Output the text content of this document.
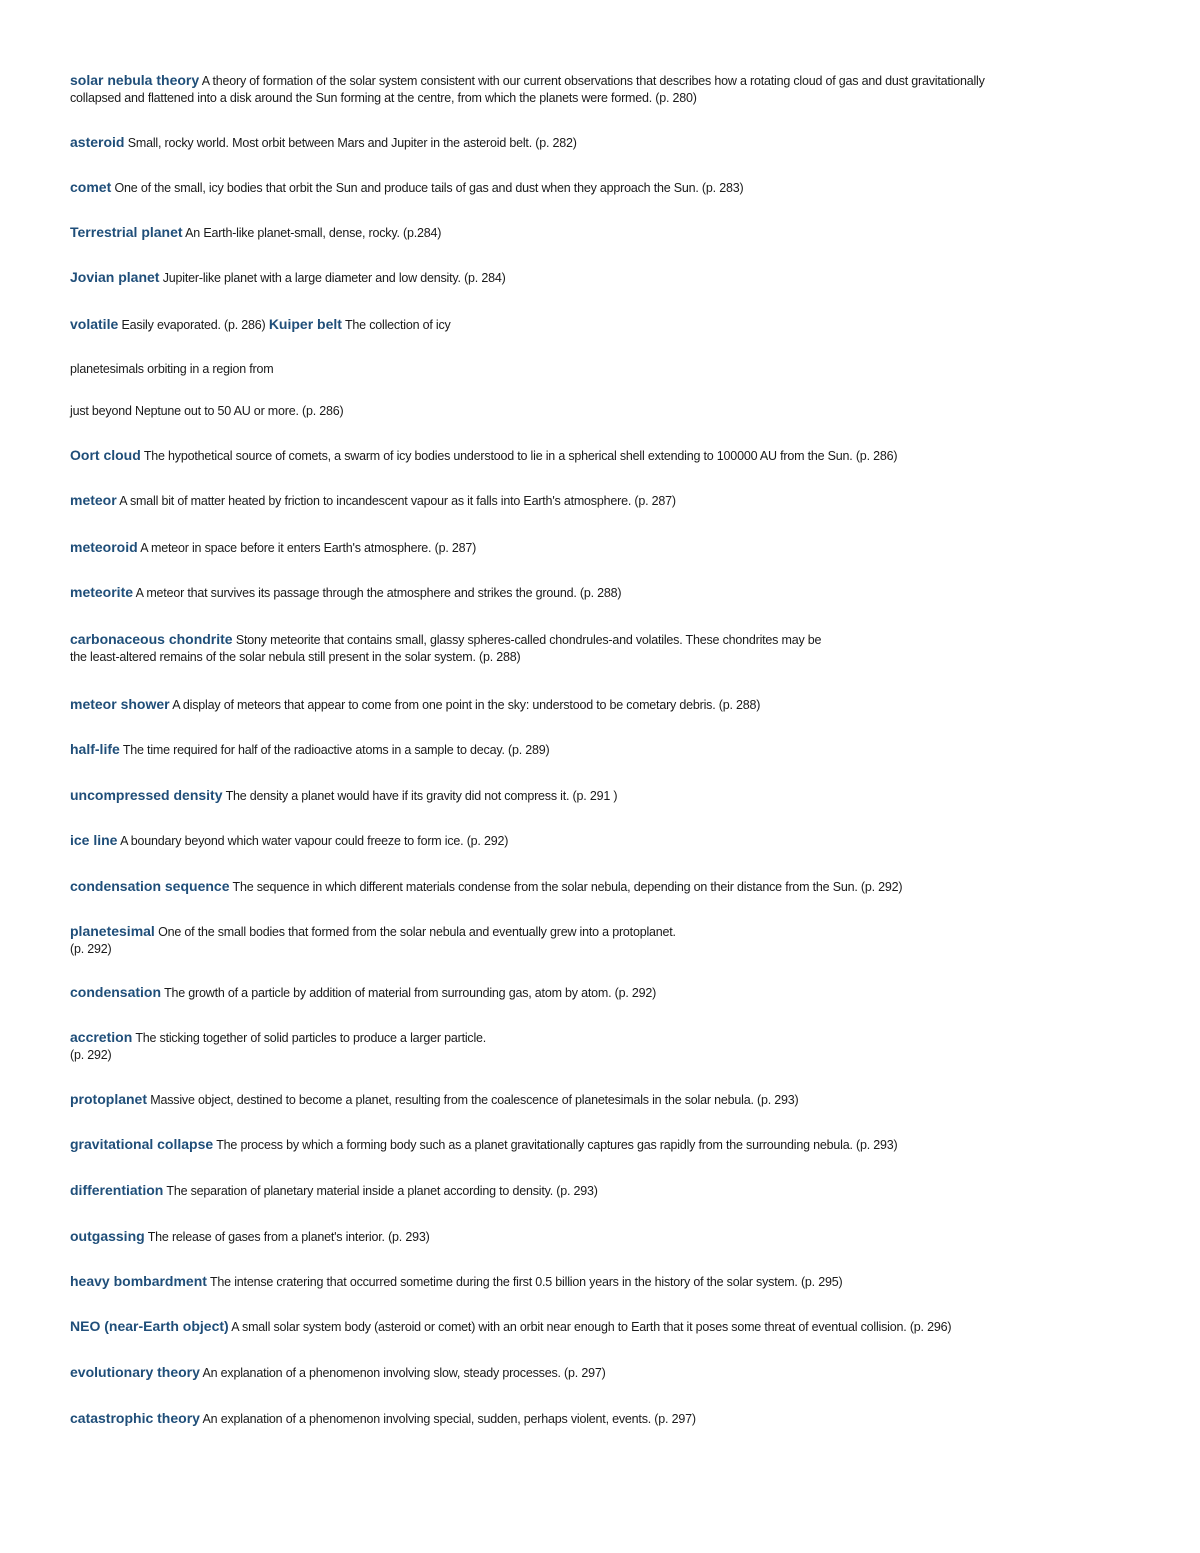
solar nebula theory A theory of formation of the solar system consistent with our current observations that describes how a rotating cloud of gas and dust gravitationally
collapsed and flattened into a disk around the Sun forming at the centre, from which the planets were formed. (p. 280)
asteroid Small, rocky world. Most orbit between Mars and Jupiter in the asteroid belt. (p. 282)
comet One of the small, icy bodies that orbit the Sun and produce tails of gas and dust when they approach the Sun. (p. 283)
Terrestrial planet An Earth-like planet-small, dense, rocky. (p.284)
Jovian planet Jupiter-like planet with a large diameter and low density. (p. 284)
volatile Easily evaporated. (p. 286) Kuiper belt The collection of icy
planetesimals orbiting in a region from
just beyond Neptune out to 50 AU or more. (p. 286)
Oort cloud The hypothetical source of comets, a swarm of icy bodies understood to lie in a spherical shell extending to 100000 AU from the Sun. (p. 286)
meteor A small bit of matter heated by friction to incandescent vapour as it falls into Earth's atmosphere. (p. 287)
meteoroid A meteor in space before it enters Earth's atmosphere. (p. 287)
meteorite A meteor that survives its passage through the atmosphere and strikes the ground. (p. 288)
carbonaceous chondrite Stony meteorite that contains small, glassy spheres-called chondrules-and volatiles. These chondrites may be
the least-altered remains of the solar nebula still present in the solar system. (p. 288)
meteor shower A display of meteors that appear to come from one point in the sky: understood to be cometary debris. (p. 288)
half-life The time required for half of the radioactive atoms in a sample to decay. (p. 289)
uncompressed density The density a planet would have if its gravity did not compress it. (p. 291 )
ice line A boundary beyond which water vapour could freeze to form ice. (p. 292)
condensation sequence The sequence in which different materials condense from the solar nebula, depending on their distance from the Sun. (p. 292)
planetesimal One of the small bodies that formed from the solar nebula and eventually grew into a protoplanet.
(p. 292)
condensation The growth of a particle by addition of material from surrounding gas, atom by atom. (p. 292)
accretion The sticking together of solid particles to produce a larger particle.
(p. 292)
protoplanet Massive object, destined to become a planet, resulting from the coalescence of planetesimals in the solar nebula. (p. 293)
gravitational collapse The process by which a forming body such as a planet gravitationally captures gas rapidly from the surrounding nebula. (p. 293)
differentiation The separation of planetary material inside a planet according to density. (p. 293)
outgassing The release of gases from a planet's interior. (p. 293)
heavy bombardment The intense cratering that occurred sometime during the first 0.5 billion years in the history of the solar system. (p. 295)
NEO (near-Earth object) A small solar system body (asteroid or comet) with an orbit near enough to Earth that it poses some threat of eventual collision. (p. 296)
evolutionary theory An explanation of a phenomenon involving slow, steady processes. (p. 297)
catastrophic theory An explanation of a phenomenon involving special, sudden, perhaps violent, events. (p. 297)
